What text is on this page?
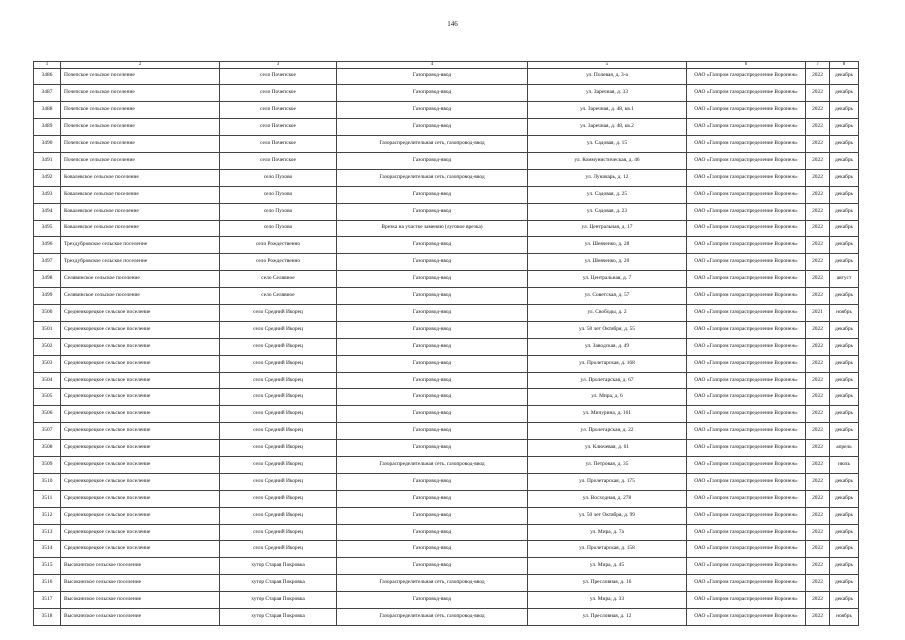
146
1	2	3	4	5	6	7	8
3486	Почепское сельское поселение	село Почепское	Газопровод-ввод	ул. Полевая, д. 3-а	ОАО «Газпром газораспределение Воронеж»	2022	декабрь
3487	Почепское сельское поселение	село Почепское	Газопровод-ввод	ул. Заречная, д. 33	ОАО «Газпром газораспределение Воронеж»	2022	декабрь
3488	Почепское сельское поселение	село Почепское	Газопровод-ввод	ул. Заречная, д. 48, кв.1	ОАО «Газпром газораспределение Воронеж»	2022	декабрь
3489	Почепское сельское поселение	село Почепское	Газопровод-ввод	ул. Заречная, д. 48, кв.2	ОАО «Газпром газораспределение Воронеж»	2022	декабрь
3490	Почепское сельское поселение	село Почепское	Газораспределительная сеть, газопровод-ввод	ул. Садовая, д. 15	ОАО «Газпром газораспределение Воронеж»	2022	декабрь
3491	Почепское сельское поселение	село Почепское	Газопровод-ввод	ул. Коммунистическая, д. 46	ОАО «Газпром газораспределение Воронеж»	2022	декабрь
3492	Ковалевское сельское поселение	село Пухово	Газораспределительная сеть, газопровод-ввод	ул. Луначарь, д. 12	ОАО «Газпром газораспределение Воронеж»	2022	декабрь
3493	Ковалевское сельское поселение	село Пухово	Газопровод-ввод	ул. Садовая, д. 25	ОАО «Газпром газораспределение Воронеж»	2022	декабрь
3494	Ковалевское сельское поселение	село Пухово	Газопровод-ввод	ул. Садовая, д. 23	ОАО «Газпром газораспределение Воронеж»	2022	декабрь
3495	Ковалевское сельское поселение	село Пухово	Врезка на участке заменяю (луговое врезка)	ул. Центральная, д. 17	ОАО «Газпром газораспределение Воронеж»	2022	декабрь
3496	Трехдубровское сельское поселение	село Рождественно	Газопровод-ввод	ул. Шевченко, д. 28	ОАО «Газпром газораспределение Воронеж»	2022	декабрь
3497	Трехдубровское сельское поселение	село Рождественно	Газопровод-ввод	ул. Шевченко, д. 20	ОАО «Газпром газораспределение Воронеж»	2022	декабрь
3498	Селявинское сельское поселение	село Селявное	Газопровод-ввод	ул. Центральная, д. 7	ОАО «Газпром газораспределение Воронеж»	2022	август
3499	Селявинское сельское поселение	село Селявное	Газопровод-ввод	ул. Советская, д. 57	ОАО «Газпром газораспределение Воронеж»	2022	декабрь
3500	Среднеикорецкое сельское поселение	село Средний Икорец	Газопровод-ввод	ул. Свободы, д. 2	ОАО «Газпром газораспределение Воронеж»	2021	ноябрь
3501	Среднеикорецкое сельское поселение	село Средний Икорец	Газопровод-ввод	ул. 50 лет Октября, д. 55	ОАО «Газпром газораспределение Воронеж»	2022	декабрь
3502	Среднеикорецкое сельское поселение	село Средний Икорец	Газопровод-ввод	ул. Заводская, д. 49	ОАО «Газпром газораспределение Воронеж»	2022	декабрь
3503	Среднеикорецкое сельское поселение	село Средний Икорец	Газопровод-ввод	ул. Пролетарская, д. 168	ОАО «Газпром газораспределение Воронеж»	2022	декабрь
3504	Среднеикорецкое сельское поселение	село Средний Икорец	Газопровод-ввод	ул. Пролетарская, д. 67	ОАО «Газпром газораспределение Воронеж»	2022	декабрь
3505	Среднеикорецкое сельское поселение	село Средний Икорец	Газопровод-ввод	ул. Мира, д. 6	ОАО «Газпром газораспределение Воронеж»	2022	декабрь
3506	Среднеикорецкое сельское поселение	село Средний Икорец	Газопровод-ввод	ул. Мичурина, д. 161	ОАО «Газпром газораспределение Воронеж»	2022	декабрь
3507	Среднеикорецкое сельское поселение	село Средний Икорец	Газопровод-ввод	ул. Пролетарская, д. 22	ОАО «Газпром газораспределение Воронеж»	2022	декабрь
3508	Среднеикорецкое сельское поселение	село Средний Икорец	Газопровод-ввод	ул. Ключевая, д. 61	ОАО «Газпром газораспределение Воронеж»	2022	апрель
3509	Среднеикорецкое сельское поселение	село Средний Икорец	Газораспределительная сеть, газопровод-ввод	ул. Петровая, д. 35	ОАО «Газпром газораспределение Воронеж»	2022	июль
3510	Среднеикорецкое сельское поселение	село Средний Икорец	Газопровод-ввод	ул. Пролетарская, д. 175	ОАО «Газпром газораспределение Воронеж»	2022	декабрь
3511	Среднеикорецкое сельское поселение	село Средний Икорец	Газопровод-ввод	ул. Восходная, д. 278	ОАО «Газпром газораспределение Воронеж»	2022	декабрь
3512	Среднеикорецкое сельское поселение	село Средний Икорец	Газопровод-ввод	ул. 50 лет Октября, д. 99	ОАО «Газпром газораспределение Воронеж»	2022	декабрь
3513	Среднеикорецкое сельское поселение	село Средний Икорец	Газопровод-ввод	ул. Мира, д. 7а	ОАО «Газпром газораспределение Воронеж»	2022	декабрь
3514	Среднеикорецкое сельское поселение	село Средний Икорец	Газопровод-ввод	ул. Пролетарская, д. 158	ОАО «Газпром газораспределение Воронеж»	2022	декабрь
3515	Высокинское сельское поселение	хутор Старая Покровка	Газопровод-ввод	ул. Мира, д. 45	ОАО «Газпром газораспределение Воронеж»	2022	декабрь
3516	Высокинское сельское поселение	хутор Старая Покровка	Газораспределительная сеть, газопровод-ввод	ул. Пресловная, д. 16	ОАО «Газпром газораспределение Воронеж»	2022	декабрь
3517	Высокинское сельское поселение	хутор Старая Покровка	Газопровод-ввод	ул. Мира, д. 33	ОАО «Газпром газораспределение Воронеж»	2022	декабрь
3518	Высокинское сельское поселение	хутор Старая Покровка	Газораспределительная сеть, газопровод-ввод	ул. Пресловная, д. 12	ОАО «Газпром газораспределение Воронеж»	2022	ноябрь
